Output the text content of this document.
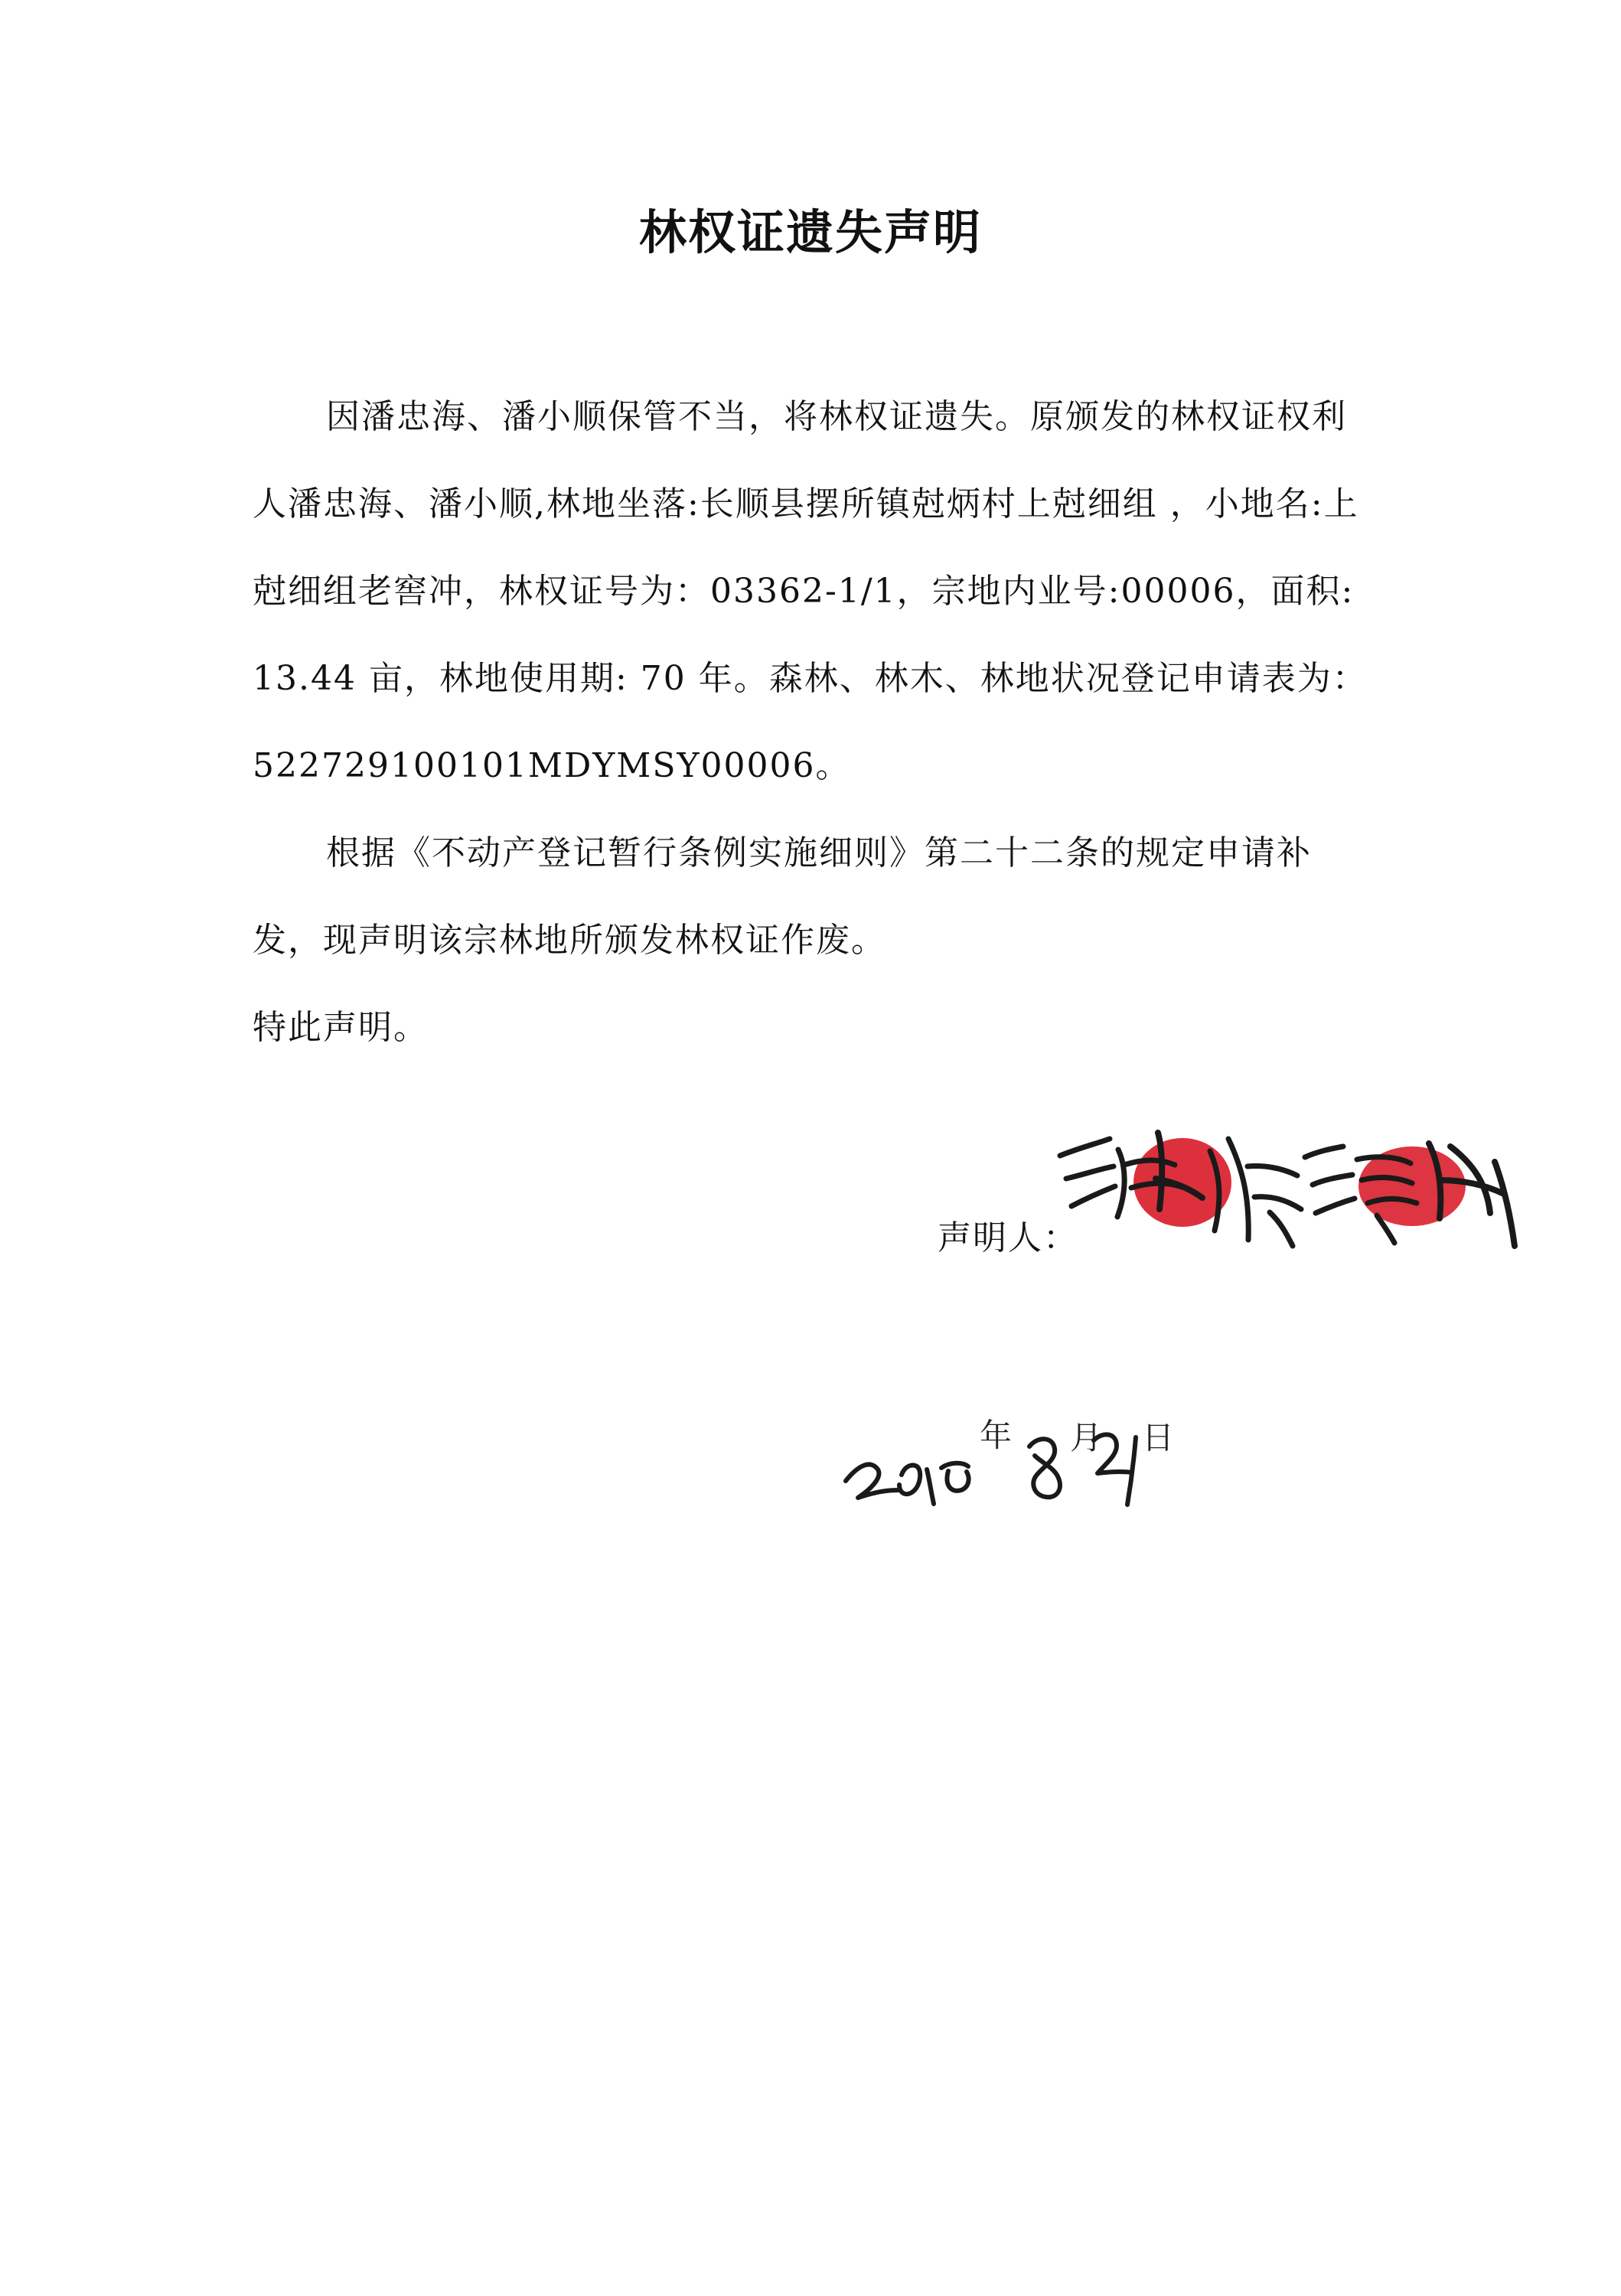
林权证遗失声明

因潘忠海、潘小顺保管不当，将林权证遗失。原颁发的林权证权利人潘忠海、潘小顺,林地坐落:长顺县摆所镇尅炳村上尅细组 ，小地名:上尅细组老窖冲，林权证号为：03362-1/1，宗地内业号:00006，面积:13.44 亩，林地使用期: 70 年。森林、林木、林地状况登记申请表为：522729100101MDYMSY00006。

根据《不动产登记暂行条例实施细则》第二十二条的规定申请补发，现声明该宗林地所颁发林权证作废。

特此声明。

声明人：
年 月 日
